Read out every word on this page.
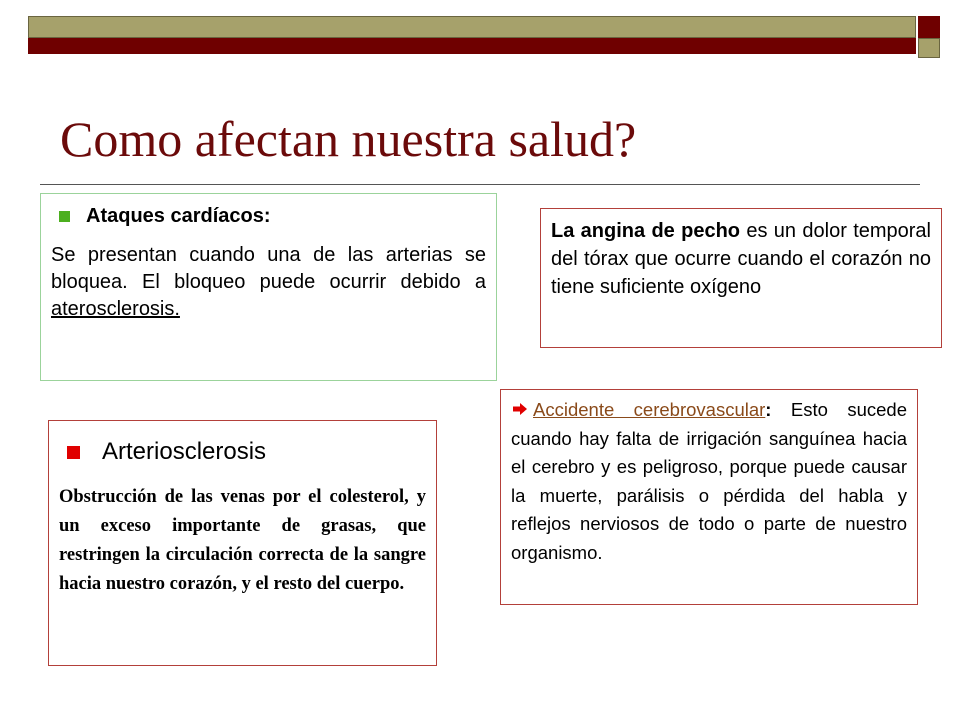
Como afectan nuestra salud?
Ataques cardíacos:
Se presentan cuando una de las arterias se bloquea. El bloqueo puede ocurrir debido a aterosclerosis.
La angina de pecho es un dolor temporal del tórax que ocurre cuando el corazón no tiene suficiente oxígeno
Arteriosclerosis
Obstrucción de las venas por el colesterol, y un exceso importante de grasas, que restringen la circulación correcta de la sangre hacia nuestro corazón, y el resto del cuerpo.
Accidente cerebrovascular: Esto sucede cuando hay falta de irrigación sanguínea hacia el cerebro y es peligroso, porque puede causar la muerte, parálisis o pérdida del habla y reflejos nerviosos de todo o parte de nuestro organismo.
